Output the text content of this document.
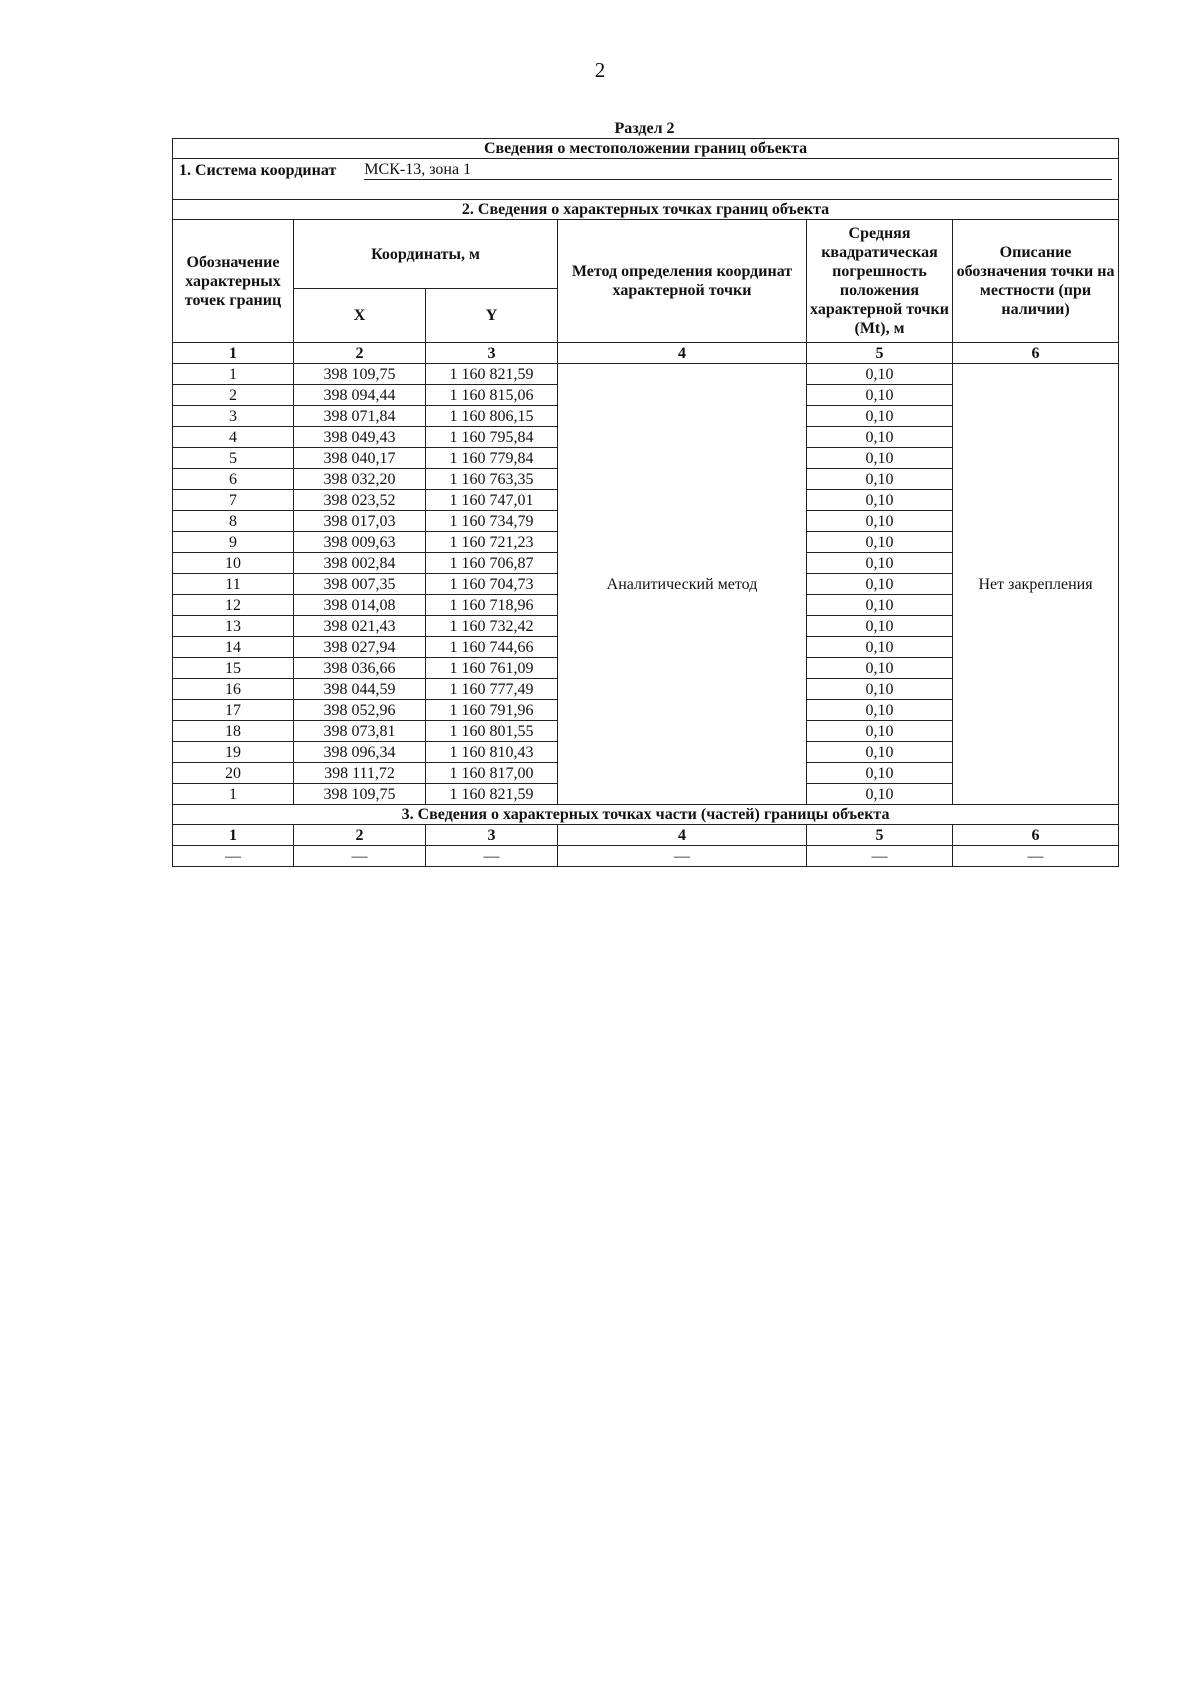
2
Раздел 2
Сведения о местоположении границ объекта					

1. Система координат МСК-13, зона 1					

2. Сведения о характерных точках границ объекта					
Обозначение характерных точек границ	Координаты, м		Метод определения координат характерной точки	Средняя квадратическая погрешность положения характерной точки (Mt), м	Описание обозначения точки на местности (при наличии)
	X	Y			
1	2	3	4	5	6
1	398 109,75	1 160 821,59	Аналитический метод	0,10	Нет закрепления
2	398 094,44	1 160 815,06		0,10	
3	398 071,84	1 160 806,15		0,10	
4	398 049,43	1 160 795,84		0,10	
5	398 040,17	1 160 779,84		0,10	
6	398 032,20	1 160 763,35		0,10	
7	398 023,52	1 160 747,01		0,10	
8	398 017,03	1 160 734,79		0,10	
9	398 009,63	1 160 721,23		0,10	
10	398 002,84	1 160 706,87		0,10	
11	398 007,35	1 160 704,73		0,10	
12	398 014,08	1 160 718,96		0,10	
13	398 021,43	1 160 732,42		0,10	
14	398 027,94	1 160 744,66		0,10	
15	398 036,66	1 160 761,09		0,10	
16	398 044,59	1 160 777,49		0,10	
17	398 052,96	1 160 791,96		0,10	
18	398 073,81	1 160 801,55		0,10	
19	398 096,34	1 160 810,43		0,10	
20	398 111,72	1 160 817,00		0,10	
1	398 109,75	1 160 821,59		0,10	
3. Сведения о характерных точках части (частей) границы объекта					
1	2	3	4	5	6
—	—	—	—	—	—
